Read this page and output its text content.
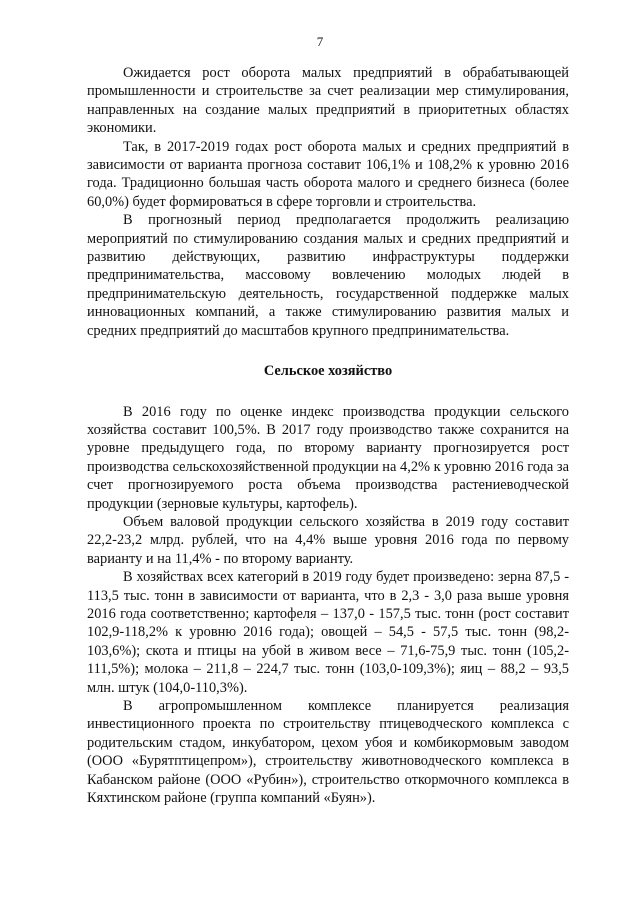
7

Ожидается рост оборота малых предприятий в обрабатывающей промышленности и строительстве за счет реализации мер стимулирования, направленных на создание малых предприятий в приоритетных областях экономики.

Так, в 2017-2019 годах рост оборота малых и средних предприятий в зависимости от варианта прогноза составит 106,1% и 108,2% к уровню 2016 года. Традиционно большая часть оборота малого и среднего бизнеса (более 60,0%) будет формироваться в сфере торговли и строительства.

В прогнозный период предполагается продолжить реализацию мероприятий по стимулированию создания малых и средних предприятий и развитию действующих, развитию инфраструктуры поддержки предпринимательства, массовому вовлечению молодых людей в предпринимательскую деятельность, государственной поддержке малых инновационных компаний, а также стимулированию развития малых и средних предприятий до масштабов крупного предпринимательства.

Сельское хозяйство

В 2016 году по оценке индекс производства продукции сельского хозяйства составит 100,5%. В 2017 году производство также сохранится на уровне предыдущего года, по второму варианту прогнозируется рост производства сельскохозяйственной продукции на 4,2% к уровню 2016 года за счет прогнозируемого роста объема производства растениеводческой продукции (зерновые культуры, картофель).

Объем валовой продукции сельского хозяйства в 2019 году составит 22,2-23,2 млрд. рублей, что на 4,4% выше уровня 2016 года по первому варианту и на 11,4% - по второму варианту.

В хозяйствах всех категорий в 2019 году будет произведено: зерна 87,5 - 113,5 тыс. тонн в зависимости от варианта, что в 2,3 - 3,0 раза выше уровня 2016 года соответственно; картофеля – 137,0 - 157,5 тыс. тонн (рост составит 102,9-118,2% к уровню 2016 года); овощей – 54,5 - 57,5 тыс. тонн (98,2-103,6%); скота и птицы на убой в живом весе – 71,6-75,9 тыс. тонн (105,2-111,5%); молока – 211,8 – 224,7 тыс. тонн (103,0-109,3%); яиц – 88,2 – 93,5 млн. штук (104,0-110,3%).

В агропромышленном комплексе планируется реализация инвестиционного проекта по строительству птицеводческого комплекса с родительским стадом, инкубатором, цехом убоя и комбикормовым заводом (ООО «Бурятптицепром»), строительству животноводческого комплекса в Кабанском районе (ООО «Рубин»), строительство откормочного комплекса в Кяхтинском районе (группа компаний «Буян»).
